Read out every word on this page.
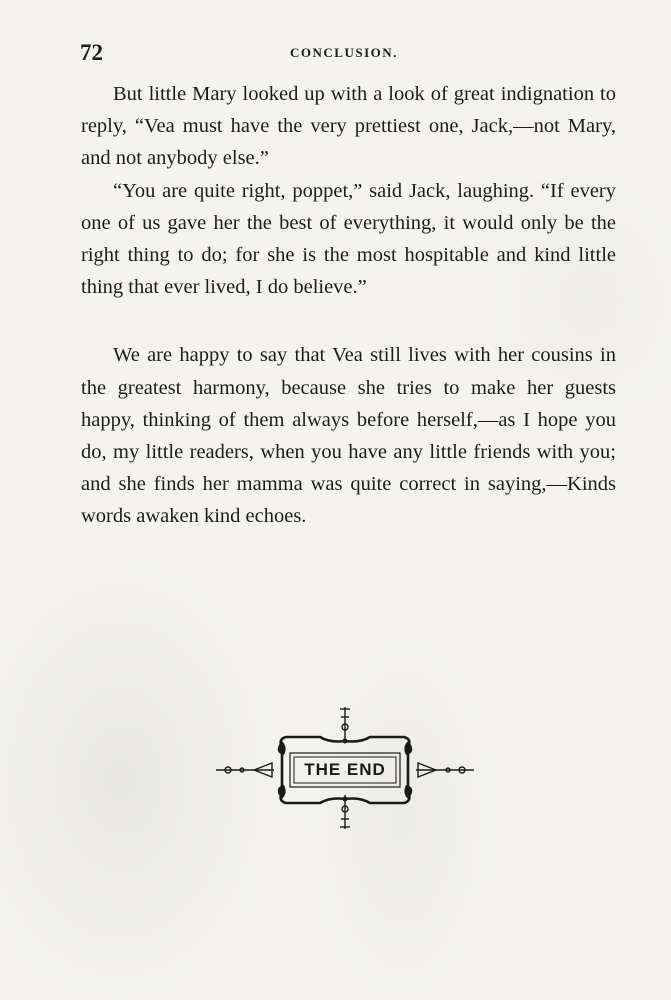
72	CONCLUSION.

But little Mary looked up with a look of great indignation to reply, “Vea must have the very prettiest one, Jack,—not Mary, and not anybody else.”

“You are quite right, poppet,” said Jack, laughing. “If every one of us gave her the best of everything, it would only be the right thing to do; for she is the most hospitable and kind little thing that ever lived, I do believe.”

We are happy to say that Vea still lives with her cousins in the greatest harmony, because she tries to make her guests happy, thinking of them always before herself,—as I hope you do, my little readers, when you have any little friends with you; and she finds her mamma was quite correct in saying,—Kinds words awaken kind echoes.

THE END
